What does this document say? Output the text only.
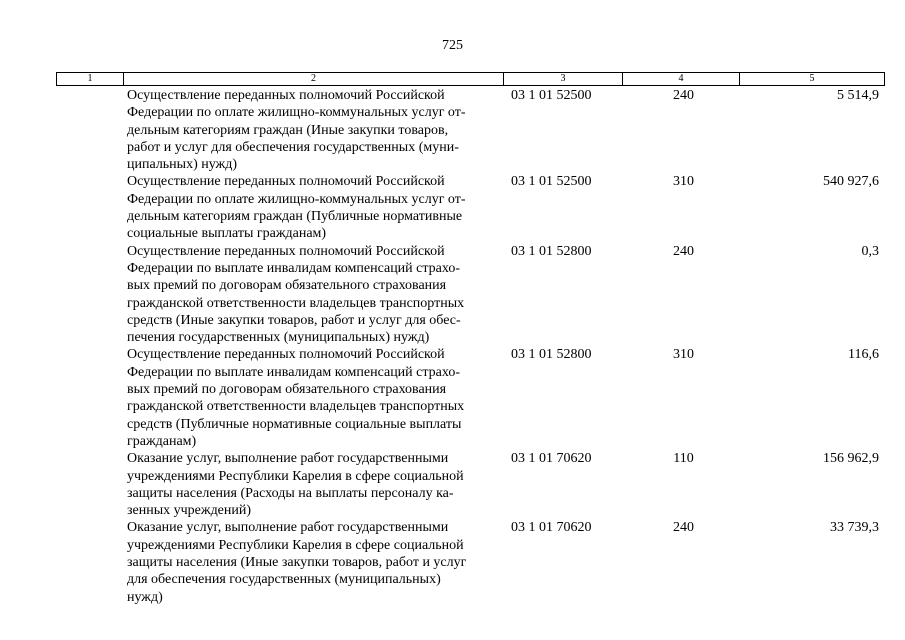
725
1	2	3	4	5
Осуществление переданных полномочий Российской
Федерации по оплате жилищно-коммунальных услуг от-
дельным категориям граждан (Иные закупки товаров,
работ и услуг для обеспечения государственных (муни-
ципальных) нужд)
03 1 01 52500	240	5 514,9
Осуществление переданных полномочий Российской
Федерации по оплате жилищно-коммунальных услуг от-
дельным категориям граждан (Публичные нормативные
социальные выплаты гражданам)
03 1 01 52500	310	540 927,6
Осуществление переданных полномочий Российской
Федерации по выплате инвалидам компенсаций страхо-
вых премий по договорам обязательного страхования
гражданской ответственности владельцев транспортных
средств (Иные закупки товаров, работ и услуг для обес-
печения государственных (муниципальных) нужд)
03 1 01 52800	240	0,3
Осуществление переданных полномочий Российской
Федерации по выплате инвалидам компенсаций страхо-
вых премий по договорам обязательного страхования
гражданской ответственности владельцев транспортных
средств (Публичные нормативные социальные выплаты
гражданам)
03 1 01 52800	310	116,6
Оказание услуг, выполнение работ государственными
учреждениями Республики Карелия в сфере социальной
защиты населения (Расходы на выплаты персоналу ка-
зенных учреждений)
03 1 01 70620	110	156 962,9
Оказание услуг, выполнение работ государственными
учреждениями Республики Карелия в сфере социальной
защиты населения (Иные закупки товаров, работ и услуг
для обеспечения государственных (муниципальных)
нужд)
03 1 01 70620	240	33 739,3
